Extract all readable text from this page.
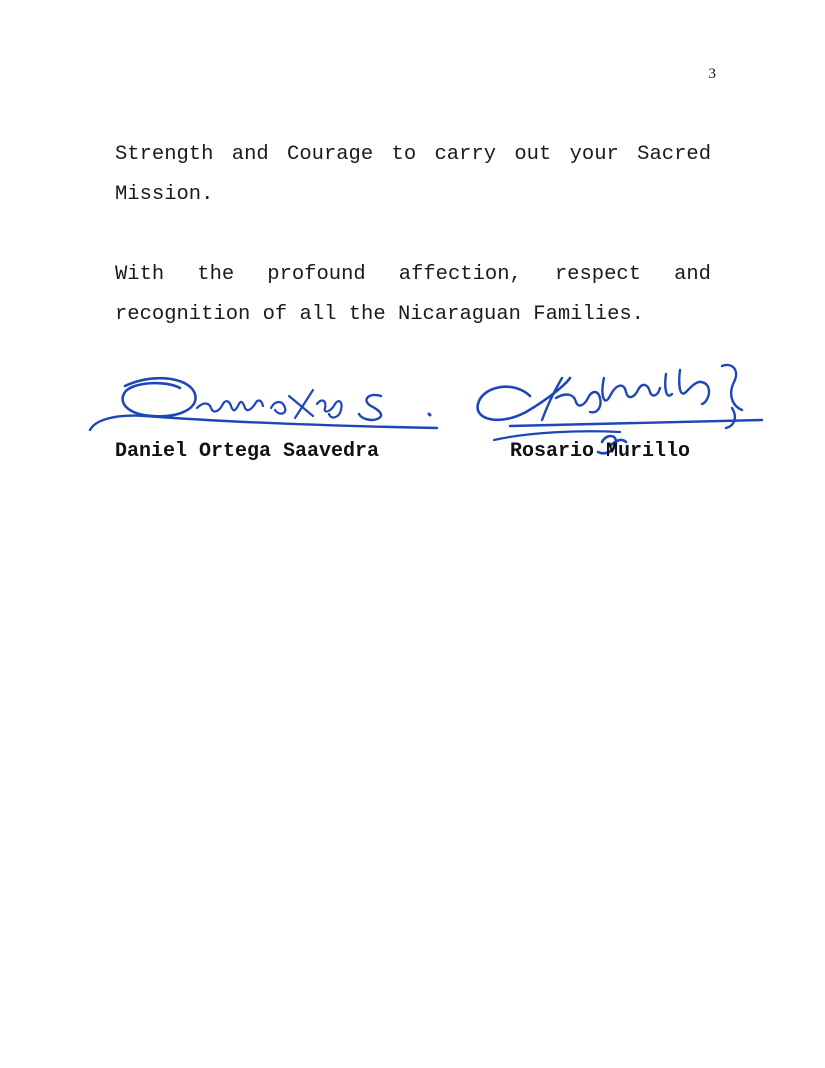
3

Strength and Courage to carry out your Sacred Mission.

With the profound affection, respect and recognition of all the Nicaraguan Families.

Daniel Ortega Saavedra	Rosario Murillo
